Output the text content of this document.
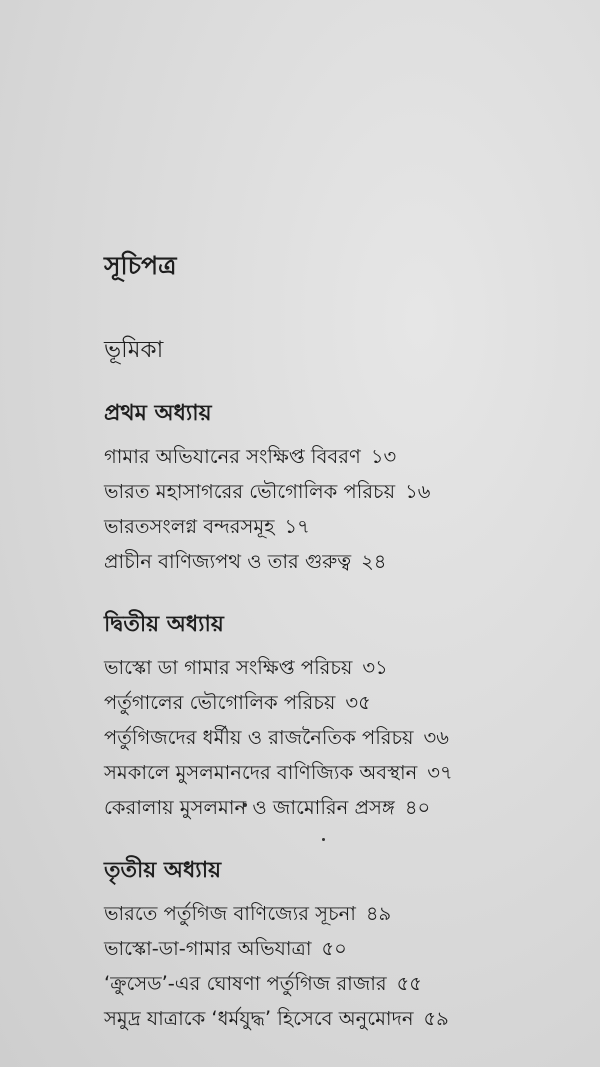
সূচিপত্র
ভূমিকা
প্রথম অধ্যায়
গামার অভিযানের সংক্ষিপ্ত বিবরণ ১৩
ভারত মহাসাগরের ভৌগোলিক পরিচয় ১৬
ভারতসংলগ্ন বন্দরসমূহ ১৭
প্রাচীন বাণিজ্যপথ ও তার গুরুত্ব ২৪
দ্বিতীয় অধ্যায়
ভাস্কো ডা গামার সংক্ষিপ্ত পরিচয় ৩১
পর্তুগালের ভৌগোলিক পরিচয় ৩৫
পর্তুগিজদের ধর্মীয় ও রাজনৈতিক পরিচয় ৩৬
সমকালে মুসলমানদের বাণিজ্যিক অবস্থান ৩৭
কেরালায় মুসলমান ও জামোরিন প্রসঙ্গ ৪০
তৃতীয় অধ্যায়
ভারতে পর্তুগিজ বাণিজ্যের সূচনা ৪৯
ভাস্কো-ডা-গামার অভিযাত্রা ৫০
‘ক্রুসেড’-এর ঘোষণা পর্তুগিজ রাজার ৫৫
সমুদ্র যাত্রাকে ‘ধর্মযুদ্ধ’ হিসেবে অনুমোদন ৫৯
